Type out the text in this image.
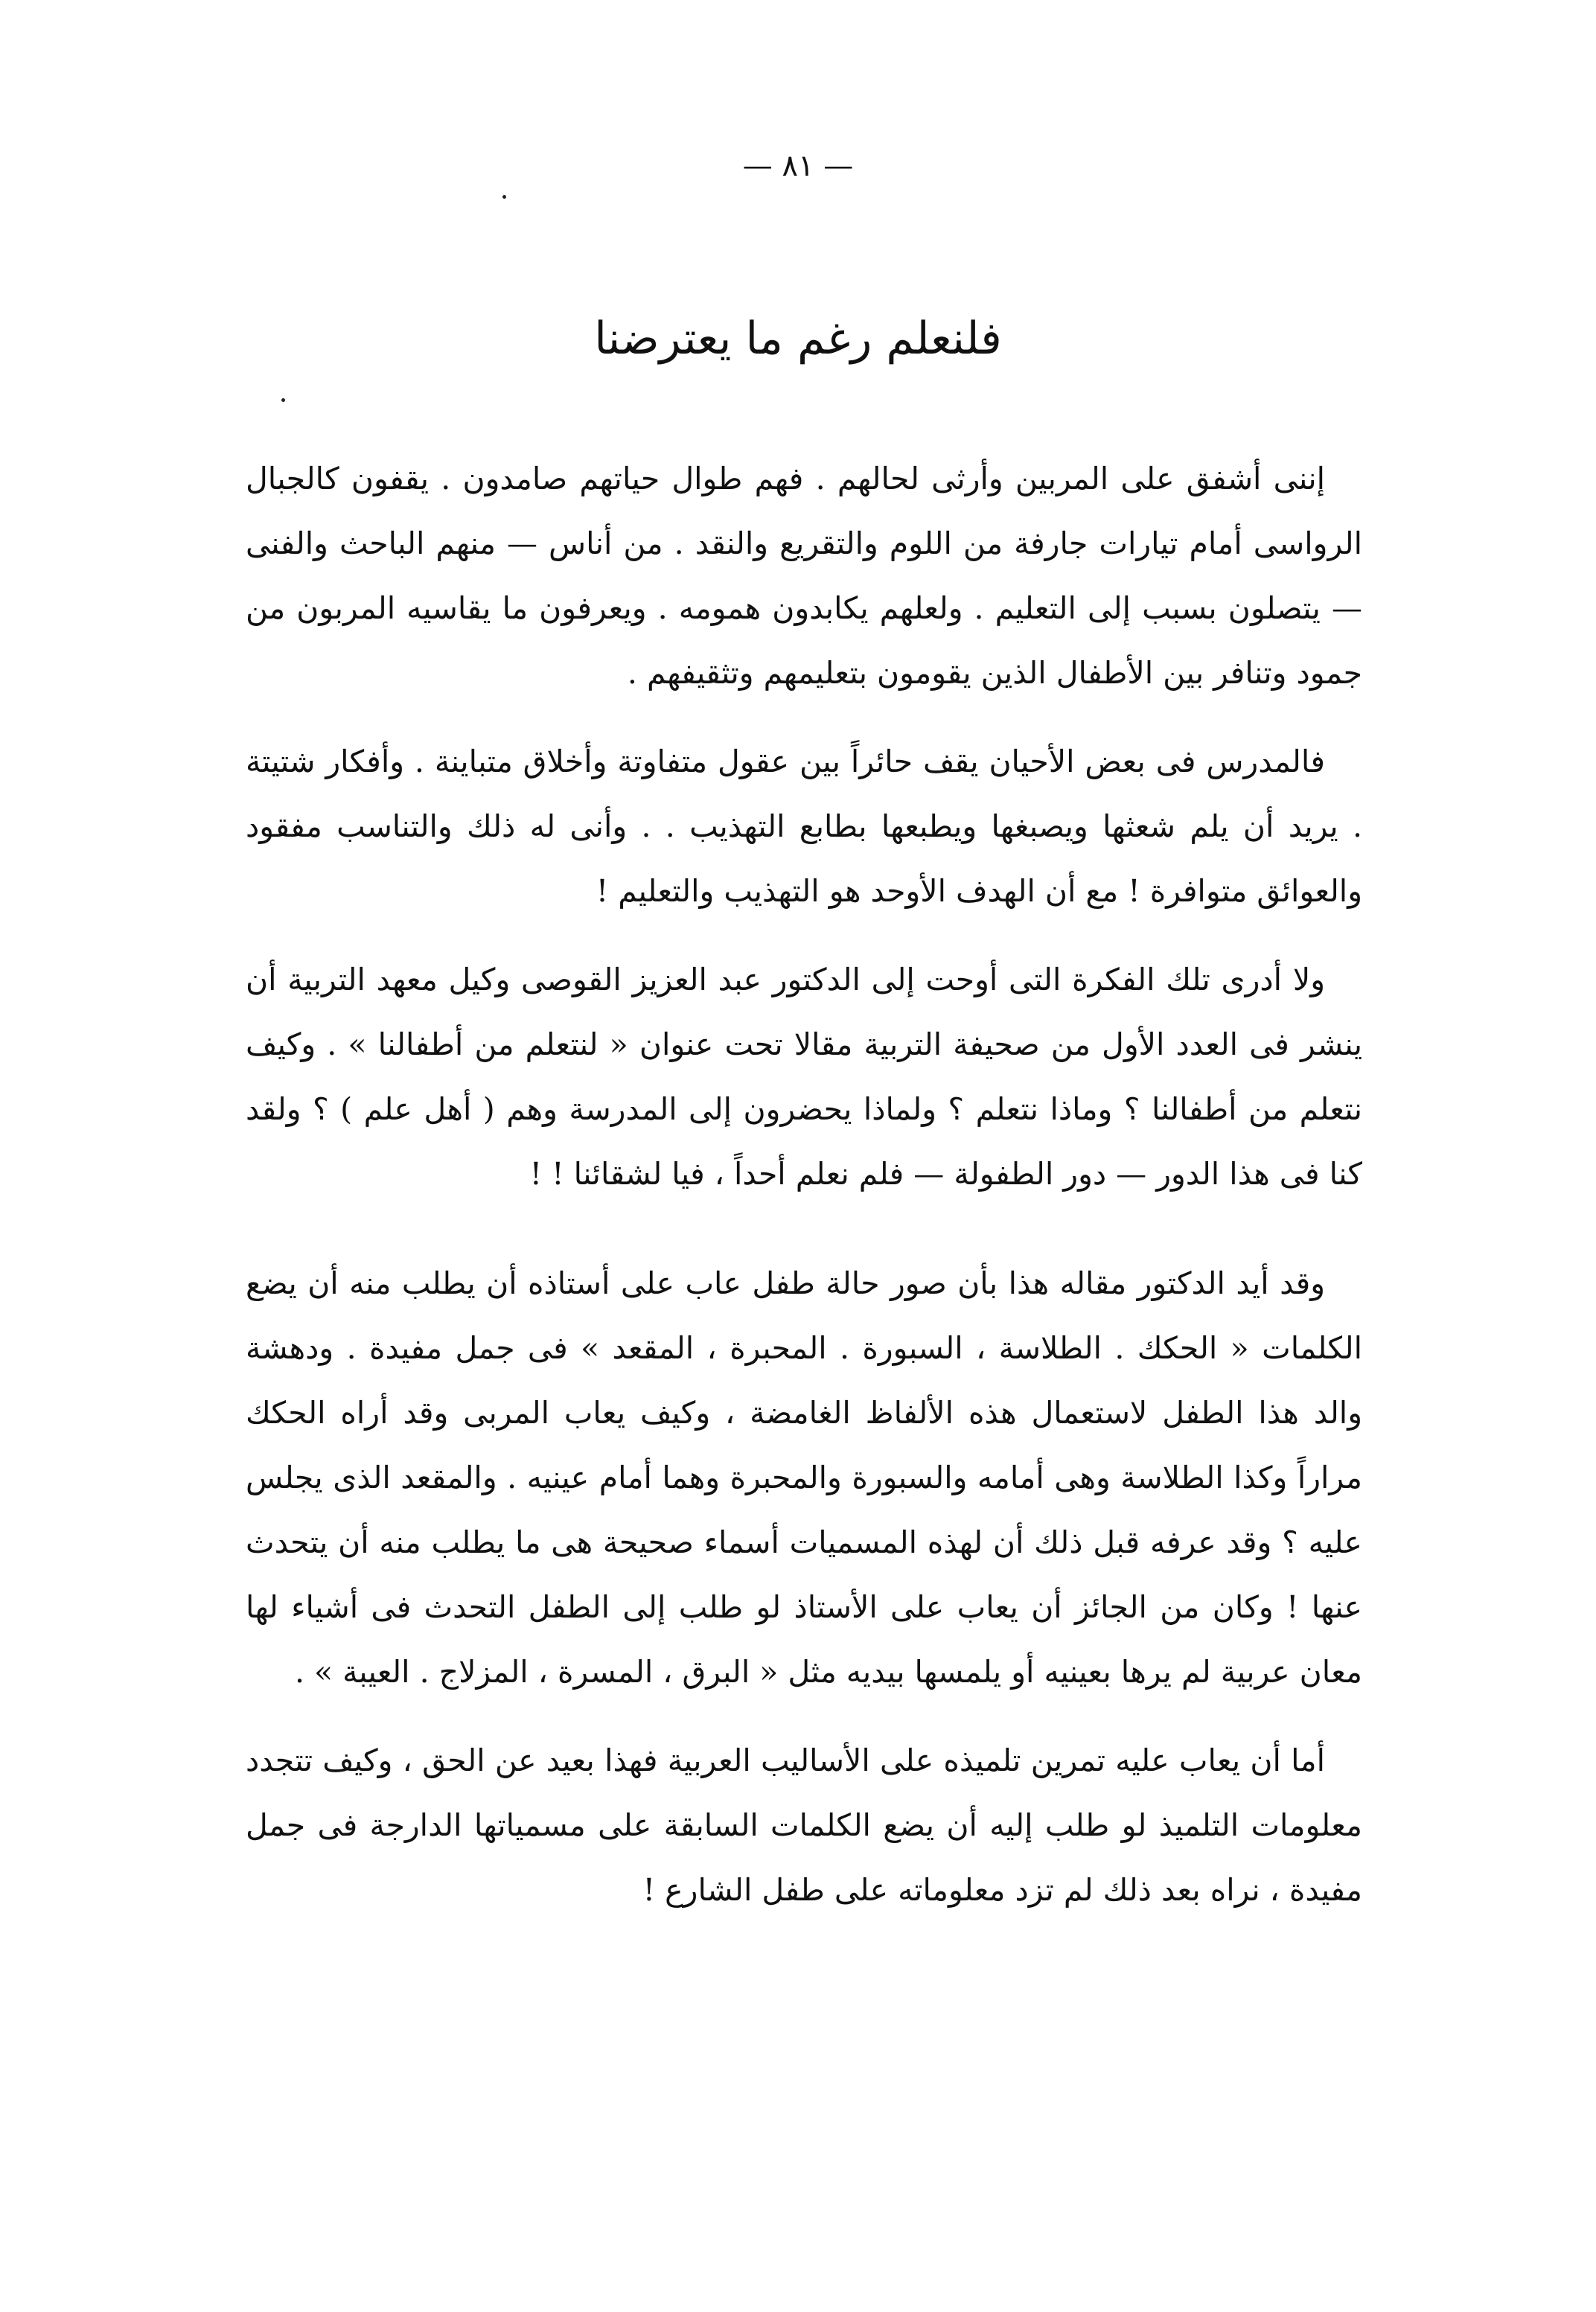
— ٨١ —
فلنعلم رغم ما يعترضنا

إننى أشفق على المربين وأرثى لحالهم . فهم طوال حياتهم صامدون . يقفون كالجبال الرواسى أمام تيارات جارفة من اللوم والتقريع والنقد . من أناس — منهم الباحث والفنى — يتصلون بسبب إلى التعليم . ولعلهم يكابدون همومه . ويعرفون ما يقاسيه المربون من جمود وتنافر بين الأطفال الذين يقومون بتعليمهم وتثقيفهم .

فالمدرس فى بعض الأحيان يقف حائراً بين عقول متفاوتة وأخلاق متباينة . وأفكار شتيتة . يريد أن يلم شعثها ويصبغها ويطبعها بطابع التهذيب . . وأنى له ذلك والتناسب مفقود والعوائق متوافرة ! مع أن الهدف الأوحد هو التهذيب والتعليم !

ولا أدرى تلك الفكرة التى أوحت إلى الدكتور عبد العزيز القوصى وكيل معهد التربية أن ينشر فى العدد الأول من صحيفة التربية مقالا تحت عنوان « لنتعلم من أطفالنا » . وكيف نتعلم من أطفالنا ؟ وماذا نتعلم ؟ ولماذا يحضرون إلى المدرسة وهم ( أهل علم ) ؟ ولقد كنا فى هذا الدور — دور الطفولة — فلم نعلم أحداً ، فيا لشقائنا ! !

وقد أيد الدكتور مقاله هذا بأن صور حالة طفل عاب على أستاذه أن يطلب منه أن يضع الكلمات « الحكك . الطلاسة ، السبورة . المحبرة ، المقعد » فى جمل مفيدة . ودهشة والد هذا الطفل لاستعمال هذه الألفاظ الغامضة ، وكيف يعاب المربى وقد أراه الحكك مراراً وكذا الطلاسة وهى أمامه والسبورة والمحبرة وهما أمام عينيه . والمقعد الذى يجلس عليه ؟ وقد عرفه قبل ذلك أن لهذه المسميات أسماء صحيحة هى ما يطلب منه أن يتحدث عنها ! وكان من الجائز أن يعاب على الأستاذ لو طلب إلى الطفل التحدث فى أشياء لها معان عربية لم يرها بعينيه أو يلمسها بيديه مثل « البرق ، المسرة ، المزلاج . العيبة » .

أما أن يعاب عليه تمرين تلميذه على الأساليب العربية فهذا بعيد عن الحق ، وكيف تتجدد معلومات التلميذ لو طلب إليه أن يضع الكلمات السابقة على مسمياتها الدارجة فى جمل مفيدة ، نراه بعد ذلك لم تزد معلوماته على طفل الشارع !
